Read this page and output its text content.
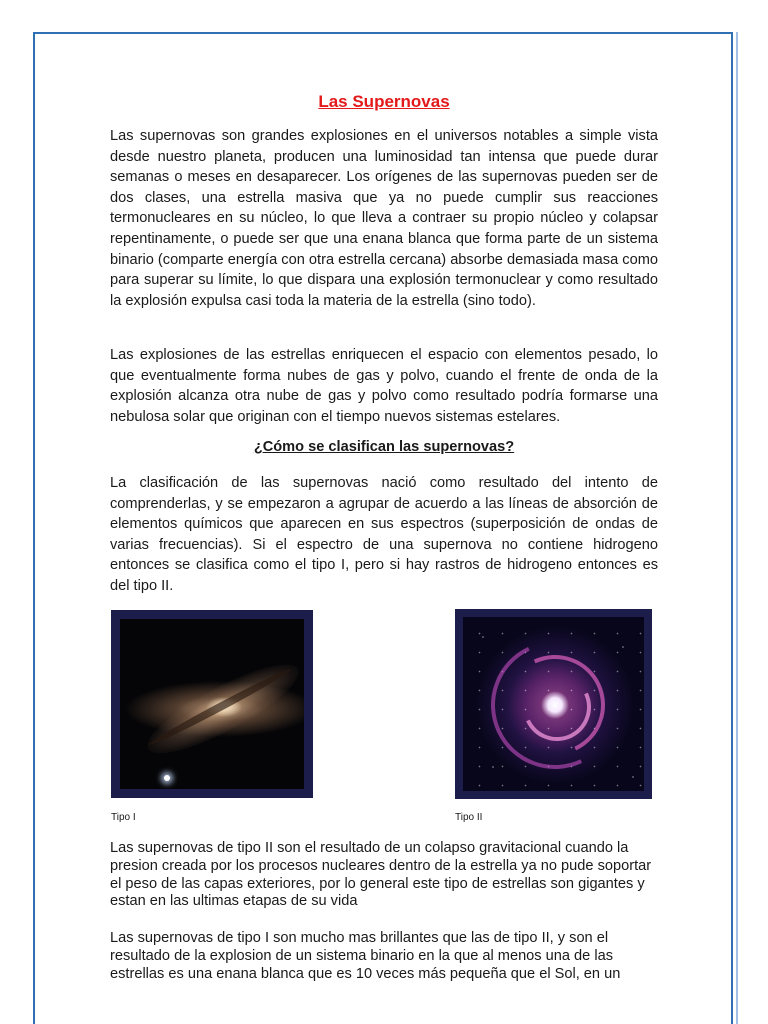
Las Supernovas

Las supernovas son grandes explosiones en el universos notables a simple vista desde nuestro planeta, producen una luminosidad tan intensa que puede durar semanas o meses en desaparecer. Los orígenes de las supernovas pueden ser de dos clases, una estrella masiva que ya no puede cumplir sus reacciones termonucleares en su núcleo, lo que lleva a contraer su propio núcleo y colapsar repentinamente, o puede ser que una enana blanca que forma parte de un sistema binario (comparte energía con otra estrella cercana) absorbe demasiada masa como para superar su límite, lo que dispara una explosión termonuclear y como resultado la explosión expulsa casi toda la materia de la estrella (sino todo).

Las explosiones de las estrellas enriquecen el espacio con elementos pesado, lo que eventualmente forma nubes de gas y polvo, cuando el frente de onda de la explosión alcanza otra nube de gas y polvo como resultado podría formarse una nebulosa solar que originan con el tiempo nuevos sistemas estelares.

¿Cómo se clasifican las supernovas?

La clasificación de las supernovas nació como resultado del intento de comprenderlas, y se empezaron a agrupar de acuerdo a las líneas de absorción de elementos químicos que aparecen en sus espectros (superposición de ondas de varias frecuencias). Si el espectro de una supernova no contiene hidrogeno entonces se clasifica como el tipo I, pero si hay rastros de hidrogeno entonces es del tipo II.

Tipo I	Tipo II

Las supernovas de tipo II son el resultado de un colapso gravitacional cuando la presion creada por los procesos nucleares dentro de la estrella ya no pude soportar el peso de las capas exteriores, por lo general este tipo de estrellas son gigantes y estan en las ultimas etapas de su vida

Las supernovas de tipo I son mucho mas brillantes que las de tipo II, y son el resultado de la explosion de un sistema binario en la que al menos una de las estrellas es una enana blanca que es 10 veces más pequeña que el Sol, en un
